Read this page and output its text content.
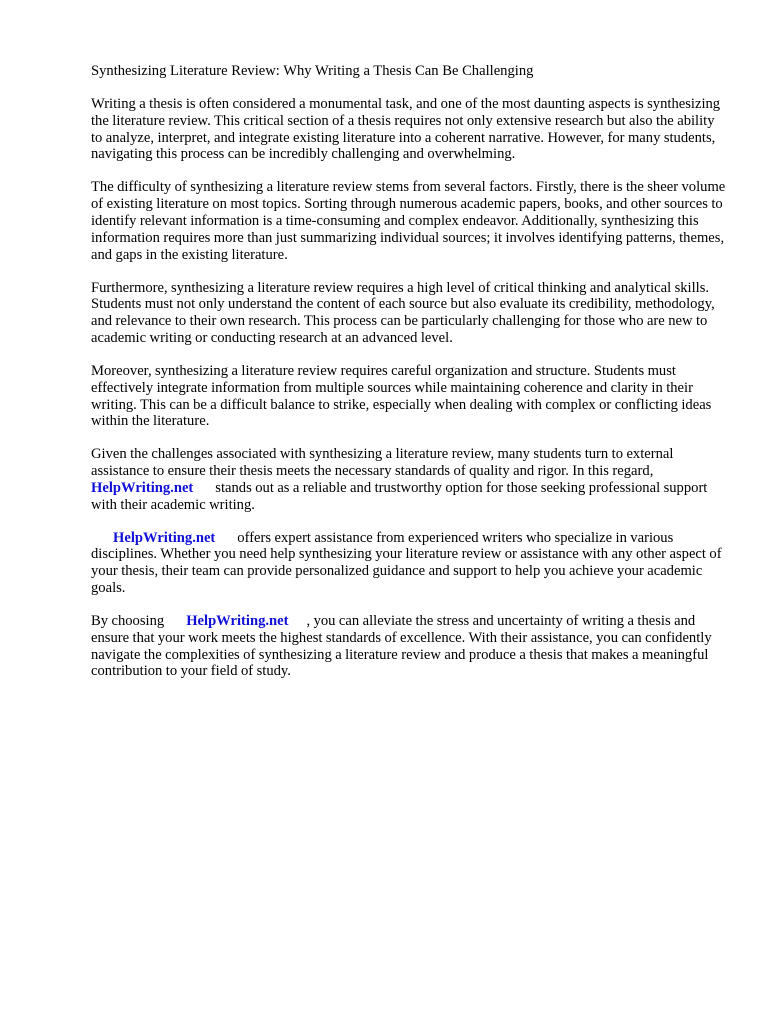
Synthesizing Literature Review: Why Writing a Thesis Can Be Challenging

Writing a thesis is often considered a monumental task, and one of the most daunting aspects is synthesizing the literature review. This critical section of a thesis requires not only extensive research but also the ability to analyze, interpret, and integrate existing literature into a coherent narrative. However, for many students, navigating this process can be incredibly challenging and overwhelming.

The difficulty of synthesizing a literature review stems from several factors. Firstly, there is the sheer volume of existing literature on most topics. Sorting through numerous academic papers, books, and other sources to identify relevant information is a time-consuming and complex endeavor. Additionally, synthesizing this information requires more than just summarizing individual sources; it involves identifying patterns, themes, and gaps in the existing literature.

Furthermore, synthesizing a literature review requires a high level of critical thinking and analytical skills. Students must not only understand the content of each source but also evaluate its credibility, methodology, and relevance to their own research. This process can be particularly challenging for those who are new to academic writing or conducting research at an advanced level.

Moreover, synthesizing a literature review requires careful organization and structure. Students must effectively integrate information from multiple sources while maintaining coherence and clarity in their writing. This can be a difficult balance to strike, especially when dealing with complex or conflicting ideas within the literature.

Given the challenges associated with synthesizing a literature review, many students turn to external assistance to ensure their thesis meets the necessary standards of quality and rigor. In this regard,
HelpWriting.net stands out as a reliable and trustworthy option for those seeking professional support with their academic writing.

HelpWriting.net offers expert assistance from experienced writers who specialize in various disciplines. Whether you need help synthesizing your literature review or assistance with any other aspect of your thesis, their team can provide personalized guidance and support to help you achieve your academic goals.

By choosing HelpWriting.net , you can alleviate the stress and uncertainty of writing a thesis and ensure that your work meets the highest standards of excellence. With their assistance, you can confidently navigate the complexities of synthesizing a literature review and produce a thesis that makes a meaningful contribution to your field of study.
